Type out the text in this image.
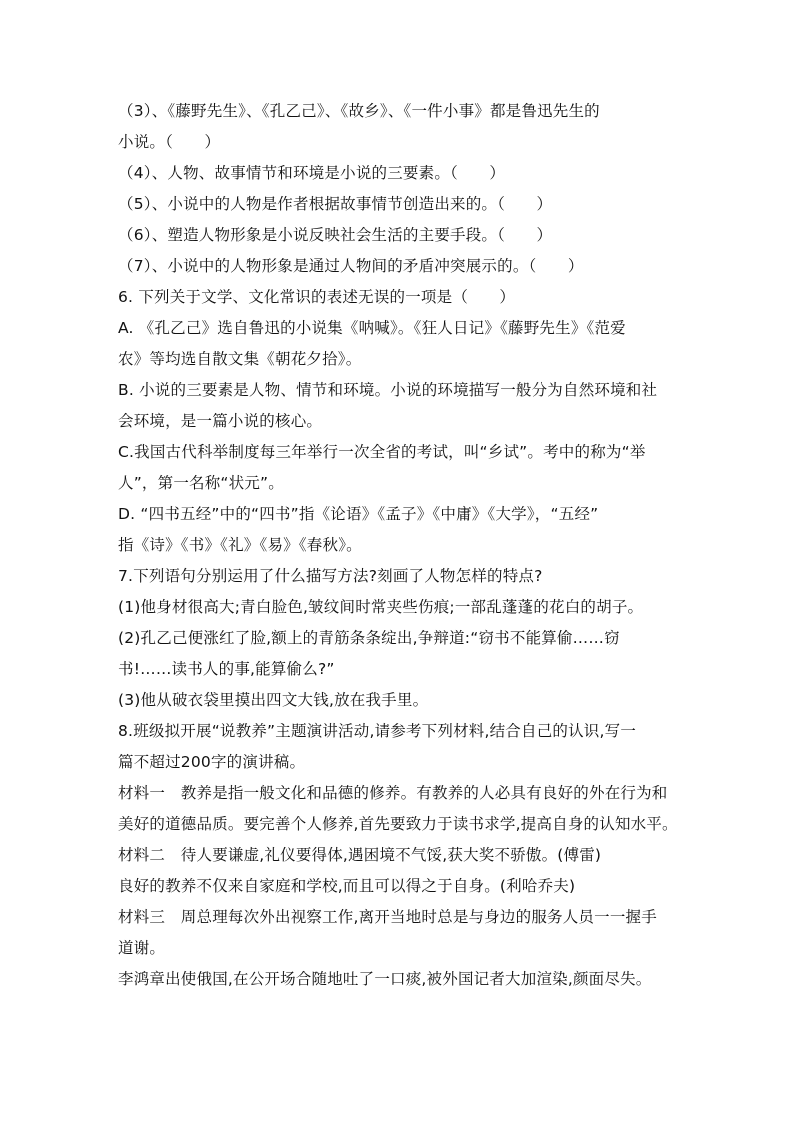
（3）、《藤野先生》、《孔乙己》、《故乡》、《一件小事》都是鲁迅先生的
小说。（　　）
（4）、人物、故事情节和环境是小说的三要素。（　　）
（5）、小说中的人物是作者根据故事情节创造出来的。（　　）
（6）、塑造人物形象是小说反映社会生活的主要手段。（　　）
（7）、小说中的人物形象是通过人物间的矛盾冲突展示的。（　　）
6. 下列关于文学、文化常识的表述无误的一项是（　　）
A. 《孔乙己》选自鲁迅的小说集《呐喊》。《狂人日记》《藤野先生》《范爱
农》等均选自散文集《朝花夕拾》。
B. 小说的三要素是人物、情节和环境。小说的环境描写一般分为自然环境和社
会环境，是一篇小说的核心。
C.我国古代科举制度每三年举行一次全省的考试，叫“乡试”。考中的称为“举
人”，第一名称“状元”。
D. “四书五经”中的“四书”指《论语》《孟子》《中庸》《大学》，“五经”
指《诗》《书》《礼》《易》《春秋》。
7.下列语句分别运用了什么描写方法?刻画了人物怎样的特点?
(1)他身材很高大;青白脸色,皱纹间时常夹些伤痕;一部乱蓬蓬的花白的胡子。
(2)孔乙己便涨红了脸,额上的青筋条条绽出,争辩道:“窃书不能算偷……窃
书!……读书人的事,能算偷么?”
(3)他从破衣袋里摸出四文大钱,放在我手里。
8.班级拟开展“说教养”主题演讲活动,请参考下列材料,结合自己的认识,写一
篇不超过200字的演讲稿。
材料一　教养是指一般文化和品德的修养。有教养的人必具有良好的外在行为和
美好的道德品质。要完善个人修养,首先要致力于读书求学,提高自身的认知水平。
材料二　待人要谦虚,礼仪要得体,遇困境不气馁,获大奖不骄傲。(傅雷)
良好的教养不仅来自家庭和学校,而且可以得之于自身。(利哈乔夫)
材料三　周总理每次外出视察工作,离开当地时总是与身边的服务人员一一握手
道谢。
李鸿章出使俄国,在公开场合随地吐了一口痰,被外国记者大加渲染,颜面尽失。
